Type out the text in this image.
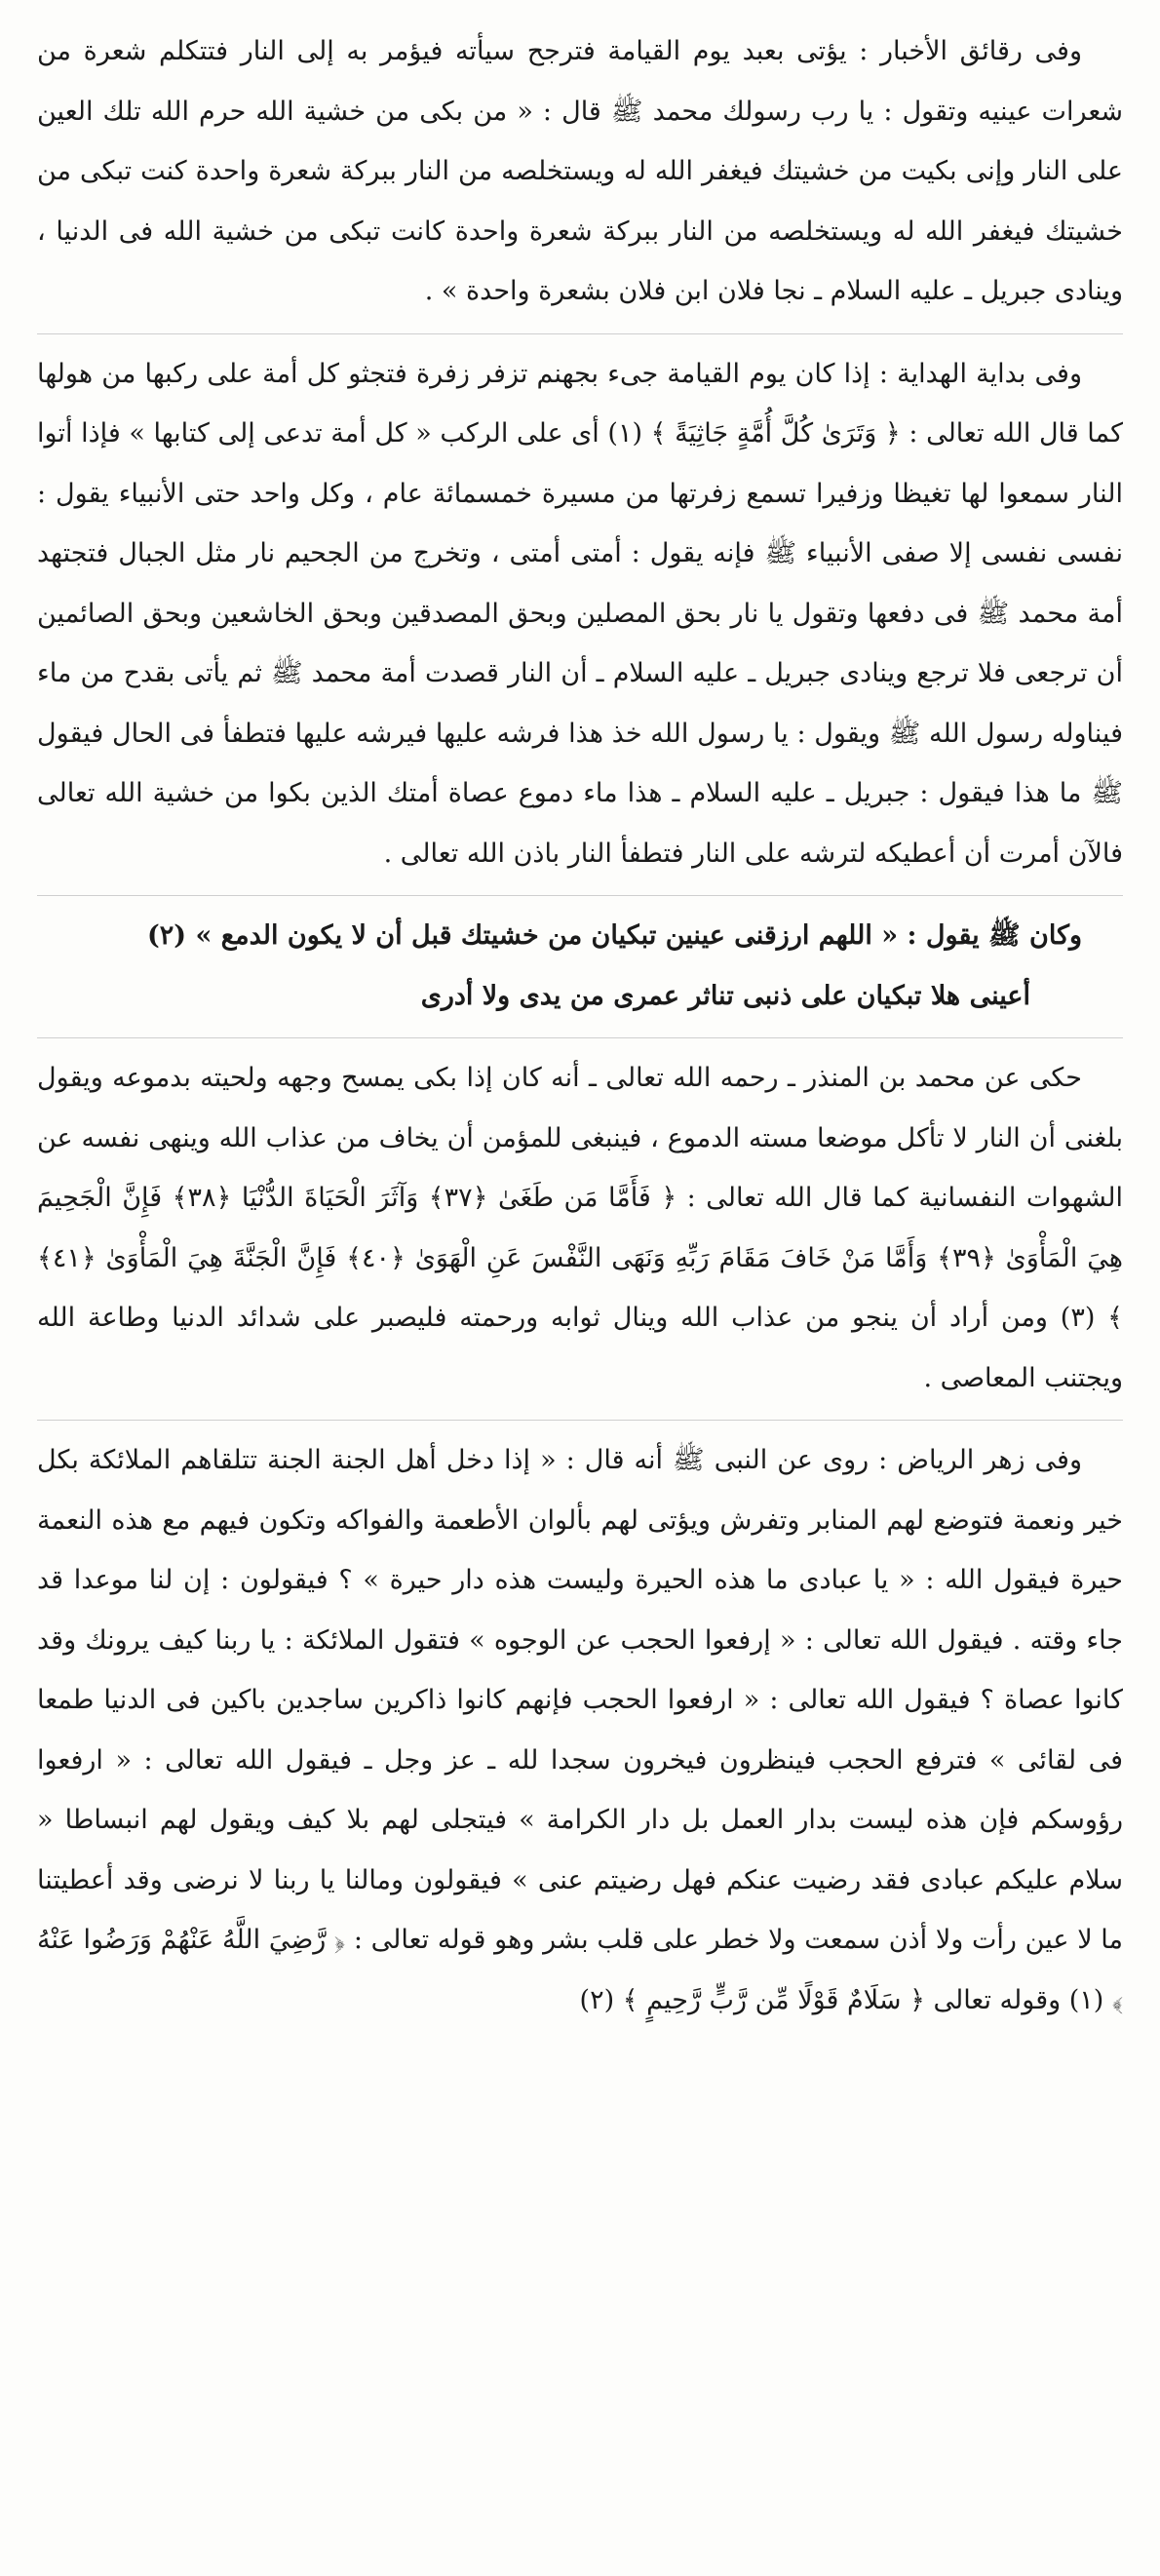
وفى رقائق الأخبار : يؤتى بعبد يوم القيامة فترجح سيأته فيؤمر به إلى النار فتتكلم شعرة من شعرات عينيه وتقول : يا رب رسولك محمد ﷺ قال : « من بكى من خشية الله حرم الله تلك العين على النار وإنى بكيت من خشيتك فيغفر الله له ويستخلصه من النار ببركة شعرة واحدة كنت تبكى من خشيتك فيغفر الله له ويستخلصه من النار ببركة شعرة واحدة كانت تبكى من خشية الله فى الدنيا ، وينادى جبريل ـ عليه السلام ـ نجا فلان ابن فلان بشعرة واحدة » .

وفى بداية الهداية : إذا كان يوم القيامة جىء بجهنم تزفر زفرة فتجثو كل أمة على ركبها من هولها كما قال الله تعالى : ﴿ وَتَرَىٰ كُلَّ أُمَّةٍ جَاثِيَةً ﴾ (١) أى على الركب « كل أمة تدعى إلى كتابها » فإذا أتوا النار سمعوا لها تغيظا وزفيرا تسمع زفرتها من مسيرة خمسمائة عام ، وكل واحد حتى الأنبياء يقول : نفسى نفسى إلا صفى الأنبياء ﷺ فإنه يقول : أمتى أمتى ، وتخرج من الجحيم نار مثل الجبال فتجتهد أمة محمد ﷺ فى دفعها وتقول يا نار بحق المصلين وبحق المصدقين وبحق الخاشعين وبحق الصائمين أن ترجعى فلا ترجع وينادى جبريل ـ عليه السلام ـ أن النار قصدت أمة محمد ﷺ ثم يأتى بقدح من ماء فيناوله رسول الله ﷺ ويقول : يا رسول الله خذ هذا فرشه عليها فيرشه عليها فتطفأ فى الحال فيقول ﷺ ما هذا فيقول : جبريل ـ عليه السلام ـ هذا ماء دموع عصاة أمتك الذين بكوا من خشية الله تعالى فالآن أمرت أن أعطيكه لترشه على النار فتطفأ النار باذن الله تعالى .

وكان ﷺ يقول : « اللهم ارزقنى عينين تبكيان من خشيتك قبل أن لا يكون الدمع » (٢)

أعينى هلا تبكيان على ذنبى تناثر عمرى من يدى ولا أدرى

حكى عن محمد بن المنذر ـ رحمه الله تعالى ـ أنه كان إذا بكى يمسح وجهه ولحيته بدموعه ويقول بلغنى أن النار لا تأكل موضعا مسته الدموع ، فينبغى للمؤمن أن يخاف من عذاب الله وينهى نفسه عن الشهوات النفسانية كما قال الله تعالى : ﴿ فَأَمَّا مَن طَغَىٰ ﴿٣٧﴾ وَآثَرَ الْحَيَاةَ الدُّنْيَا ﴿٣٨﴾ فَإِنَّ الْجَحِيمَ هِيَ الْمَأْوَىٰ ﴿٣٩﴾ وَأَمَّا مَنْ خَافَ مَقَامَ رَبِّهِ وَنَهَى النَّفْسَ عَنِ الْهَوَىٰ ﴿٤٠﴾ فَإِنَّ الْجَنَّةَ هِيَ الْمَأْوَىٰ ﴿٤١﴾ ﴾ (٣) ومن أراد أن ينجو من عذاب الله وينال ثوابه ورحمته فليصبر على شدائد الدنيا وطاعة الله ويجتنب المعاصى .

وفى زهر الرياض : روى عن النبى ﷺ أنه قال : « إذا دخل أهل الجنة الجنة تتلقاهم الملائكة بكل خير ونعمة فتوضع لهم المنابر وتفرش ويؤتى لهم بألوان الأطعمة والفواكه وتكون فيهم مع هذه النعمة حيرة فيقول الله : « يا عبادى ما هذه الحيرة وليست هذه دار حيرة » ؟ فيقولون : إن لنا موعدا قد جاء وقته . فيقول الله تعالى : « إرفعوا الحجب عن الوجوه » فتقول الملائكة : يا ربنا كيف يرونك وقد كانوا عصاة ؟ فيقول الله تعالى : « ارفعوا الحجب فإنهم كانوا ذاكرين ساجدين باكين فى الدنيا طمعا فى لقائى » فترفع الحجب فينظرون فيخرون سجدا لله ـ عز وجل ـ فيقول الله تعالى : « ارفعوا رؤوسكم فإن هذه ليست بدار العمل بل دار الكرامة » فيتجلى لهم بلا كيف ويقول لهم انبساطا « سلام عليكم عبادى فقد رضيت عنكم فهل رضيتم عنى » فيقولون ومالنا يا ربنا لا نرضى وقد أعطيتنا ما لا عين رأت ولا أذن سمعت ولا خطر على قلب بشر وهو قوله تعالى : ﴿ رَّضِيَ اللَّهُ عَنْهُمْ وَرَضُوا عَنْهُ ﴾ (١) وقوله تعالى ﴿ سَلَامٌ قَوْلًا مِّن رَّبٍّ رَّحِيمٍ ﴾ (٢)
